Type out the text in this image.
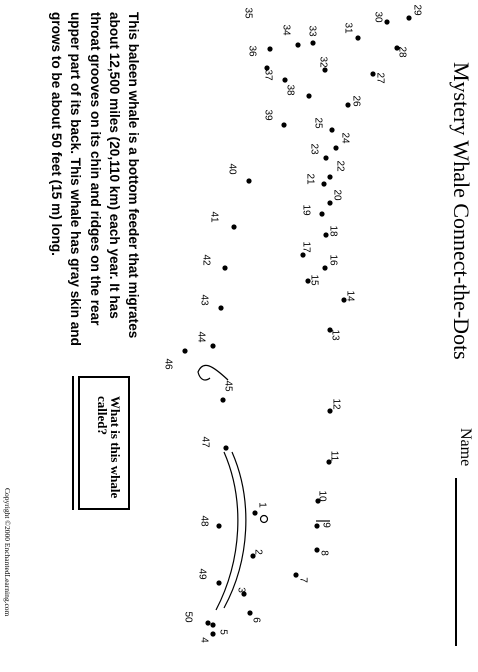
Mystery Whale Connect-the-Dots
Name
This baleen whale is a bottom feeder that migrates about 12,500 miles (20,110 km) each year. It has throat grooves on its chin and ridges on the rear upper part of its back. This whale has gray skin and grows to be about 50 feet (15 m) long.
What is this whale called?
Copyright ©2000 EnchantedLearning.com	1
2
3
4
5
6
7
8
9
10
11
12
13
14
15
16
17
18
19
20
21
22
23
24
25
26
27
28
29
30
31
32
33
34
35
36
37
38
39
40
41
42
43
44
45
46
47
48
49
50
